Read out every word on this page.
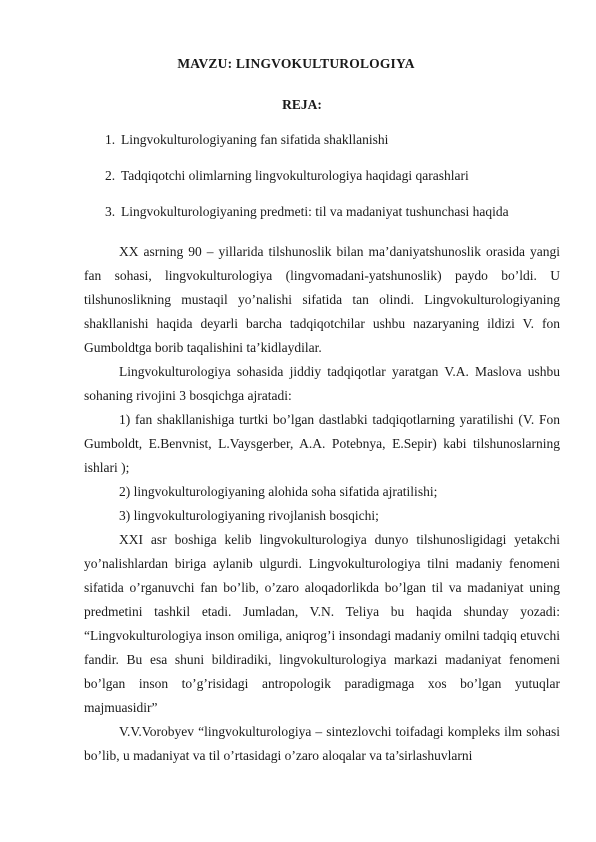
MAVZU: LINGVOKULTUROLOGIYA
REJA:
1. Lingvokulturologiyaning fan sifatida shakllanishi
2. Tadqiqotchi olimlarning lingvokulturologiya haqidagi qarashlari
3. Lingvokulturologiyaning predmeti: til va madaniyat tushunchasi haqida

XX asrning 90 – yillarida tilshunoslik bilan ma’daniyatshunoslik orasida yangi fan sohasi, lingvokulturologiya (lingvomadani-yatshunoslik) paydo bo’ldi. U tilshunoslikning mustaqil yo’nalishi sifatida tan olindi. Lingvokulturologiyaning shakllanishi haqida deyarli barcha tadqiqotchilar ushbu nazaryaning ildizi V. fon Gumboldtga borib taqalishini ta’kidlaydilar.

Lingvokulturologiya sohasida jiddiy tadqiqotlar yaratgan V.A. Maslova ushbu sohaning rivojini 3 bosqichga ajratadi:

1) fan shakllanishiga turtki bo’lgan dastlabki tadqiqotlarning yaratilishi (V. Fon Gumboldt, E.Benvnist, L.Vaysgerber, A.A. Potebnya, E.Sepir) kabi tilshunoslarning ishlari );

2) lingvokulturologiyaning alohida soha sifatida ajratilishi;

3) lingvokulturologiyaning rivojlanish bosqichi;

XXI asr boshiga kelib lingvokulturologiya dunyo tilshunosligidagi yetakchi yo’nalishlardan biriga aylanib ulgurdi. Lingvokulturologiya tilni madaniy fenomeni sifatida o’rganuvchi fan bo’lib, o’zaro aloqadorlikda bo’lgan til va madaniyat uning predmetini tashkil etadi. Jumladan, V.N. Teliya bu haqida shunday yozadi: “Lingvokulturologiya inson omiliga, aniqrog’i insondagi madaniy omilni tadqiq etuvchi fandir. Bu esa shuni bildiradiki, lingvokulturologiya markazi madaniyat fenomeni bo’lgan inson to’g’risidagi antropologik paradigmaga xos bo’lgan yutuqlar majmuasidir”

V.V.Vorobyev “lingvokulturologiya – sintezlovchi toifadagi kompleks ilm sohasi bo’lib, u madaniyat va til o’rtasidagi o’zaro aloqalar va ta’sirlashuvlarni
